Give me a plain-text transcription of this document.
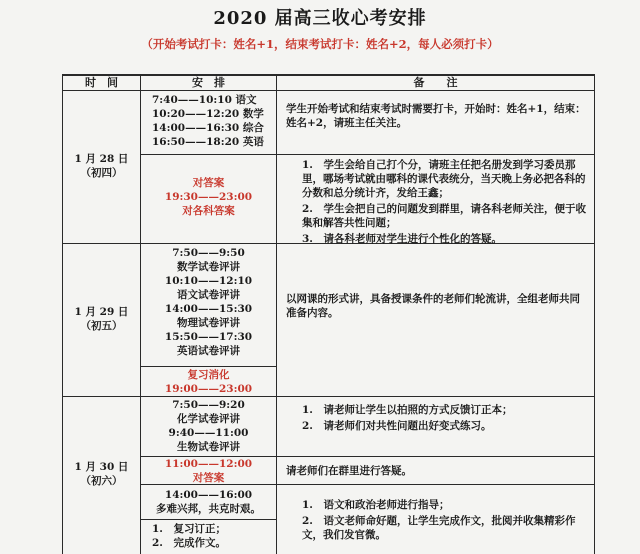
2020 届高三收心考安排
（开始考试打卡：姓名+1，结束考试打卡：姓名+2，每人必须打卡）
时　间	安　排	备　　注
1 月 28 日
（初四）
7:40——10:10 语文
10:20——12:20 数学
14:00——16:30 综合
16:50——18:20 英语
学生开始考试和结束考试时需要打卡，开始时：姓名+1，结束：姓名+2，请班主任关注。
对答案
19:30——23:00
对各科答案
1.　学生会给自己打个分，请班主任把名册发到学习委员那里，哪场考试就由哪科的课代表统分，当天晚上务必把各科的分数和总分统计齐，发给王鑫；
2.　学生会把自己的问题发到群里，请各科老师关注，便于收集和解答共性问题；
3.　请各科老师对学生进行个性化的答疑。
1 月 29 日
（初五）
7:50——9:50
数学试卷评讲
10:10——12:10
语文试卷评讲
14:00——15:30
物理试卷评讲
15:50——17:30
英语试卷评讲
以网课的形式讲，具备授课条件的老师们轮流讲，全组老师共同准备内容。
复习消化
19:00——23:00
1 月 30 日
（初六）
7:50——9:20
化学试卷评讲
9:40——11:00
生物试卷评讲
1.　请老师让学生以拍照的方式反馈订正本；
2.　请老师们对共性问题出好变式练习。
11:00——12:00
对答案
请老师们在群里进行答疑。
14:00——16:00
多难兴邦，共克时艰。
1.　复习订正；
2.　完成作文。
1.　语文和政治老师进行指导；
2.　语文老师命好题，让学生完成作文，批阅并收集精彩作文，我们发官微。
